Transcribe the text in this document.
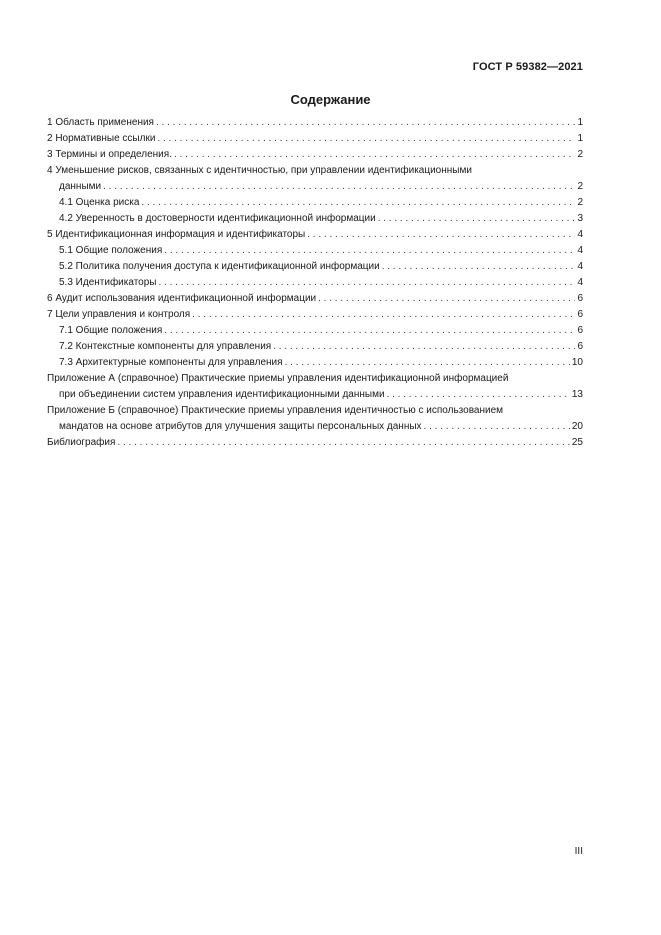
ГОСТ Р 59382—2021
Содержание
1 Область применения . . .	1
2 Нормативные ссылки . . .	1
3 Термины и определения. . . .	2
4 Уменьшение рисков, связанных с идентичностью, при управлении идентификационными
данными . . .	2
4.1 Оценка риска . . .	2
4.2 Уверенность в достоверности идентификационной информации . . .	3
5 Идентификационная информация и идентификаторы . . .	4
5.1 Общие положения . . .	4
5.2 Политика получения доступа к идентификационной информации . . .	4
5.3 Идентификаторы . . .	4
6 Аудит использования идентификационной информации . . .	6
7 Цели управления и контроля . . .	6
7.1 Общие положения . . .	6
7.2 Контекстные компоненты для управления . . .	6
7.3 Архитектурные компоненты для управления . . .	10
Приложение А (справочное) Практические приемы управления идентификационной информацией
при объединении систем управления идентификационными данными . . .	13
Приложение Б (справочное) Практические приемы управления идентичностью с использованием
мандатов на основе атрибутов для улучшения защиты персональных данных . . .	20
Библиография . . .	25
III
